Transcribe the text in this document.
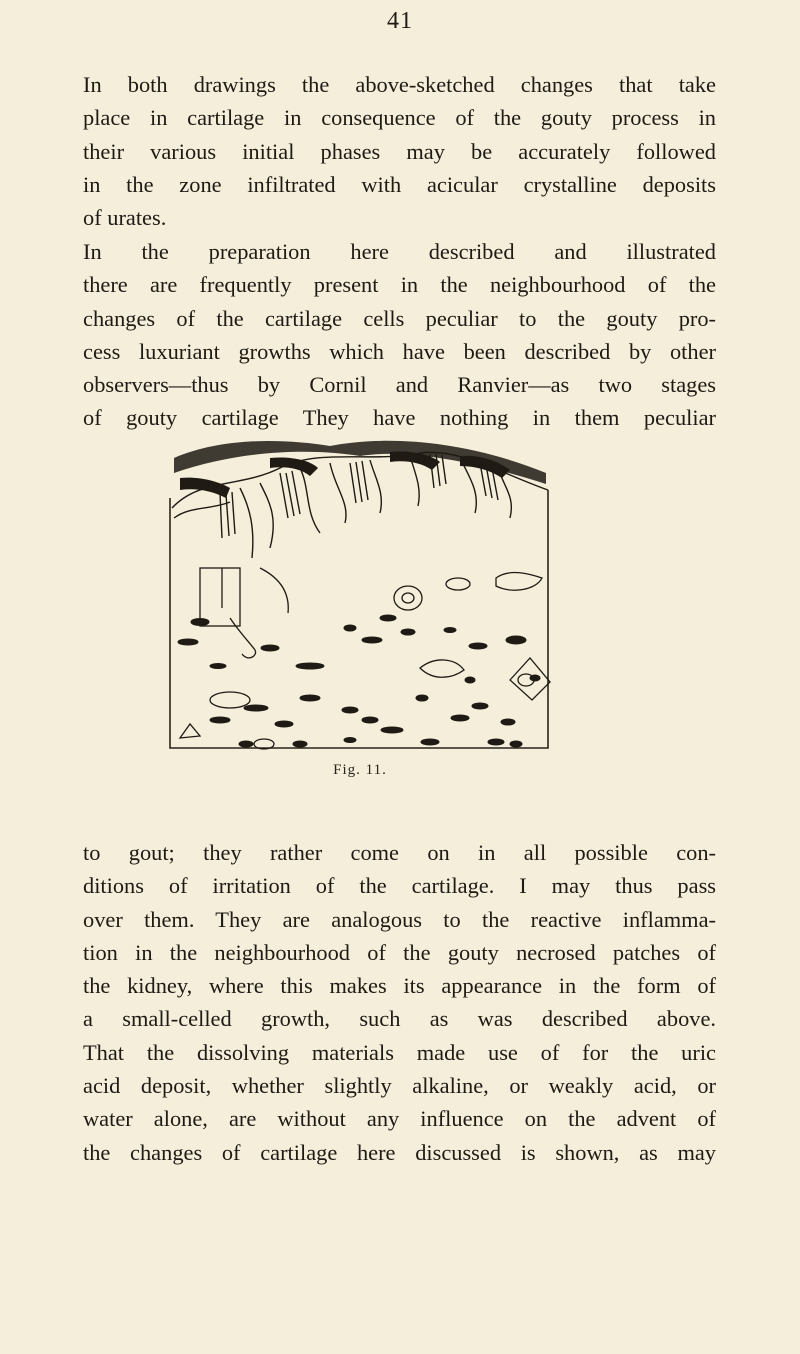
41

In both drawings the above-sketched changes that take
place in cartilage in consequence of the gouty process in
their various initial phases may be accurately followed
in the zone infiltrated with acicular crystalline deposits
of urates.

In the preparation here described and illustrated
there are frequently present in the neighbourhood of the
changes of the cartilage cells peculiar to the gouty pro-
cess luxuriant growths which have been described by other
observers—thus by Cornil and Ranvier—as two stages
of gouty cartilage They have nothing in them peculiar

Fig. 11.

to gout; they rather come on in all possible con-
ditions of irritation of the cartilage. I may thus pass
over them. They are analogous to the reactive inflamma-
tion in the neighbourhood of the gouty necrosed patches of
the kidney, where this makes its appearance in the form of
a small-celled growth, such as was described above.
That the dissolving materials made use of for the uric
acid deposit, whether slightly alkaline, or weakly acid, or
water alone, are without any influence on the advent of
the changes of cartilage here discussed is shown, as may
